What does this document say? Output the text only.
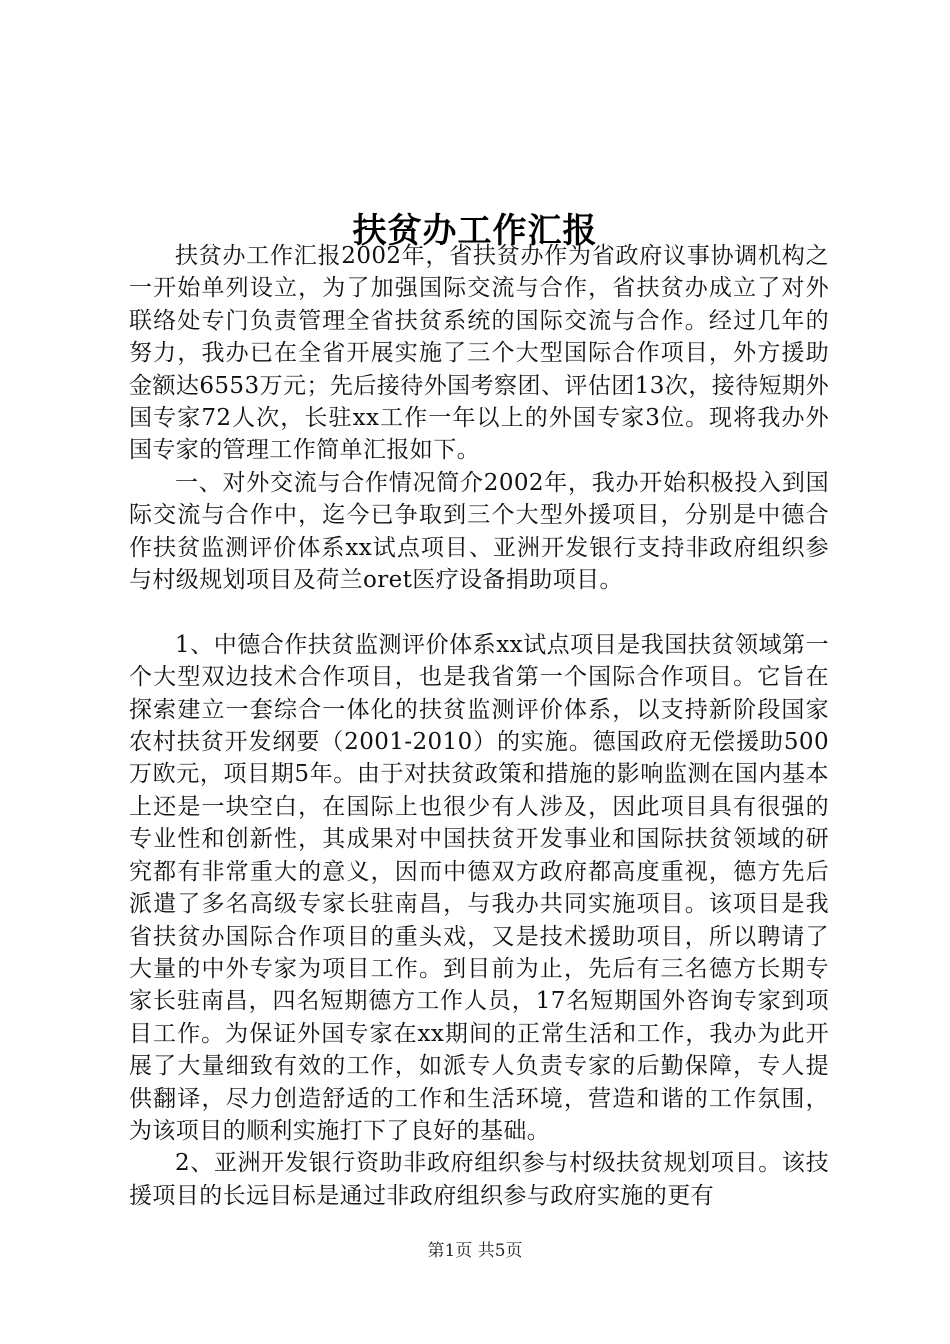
扶贫办工作汇报

扶贫办工作汇报2002年，省扶贫办作为省政府议事协调机构之一开始单列设立，为了加强国际交流与合作，省扶贫办成立了对外联络处专门负责管理全省扶贫系统的国际交流与合作。经过几年的努力，我办已在全省开展实施了三个大型国际合作项目，外方援助金额达6553万元；先后接待外国考察团、评估团13次，接待短期外国专家72人次，长驻xx工作一年以上的外国专家3位。现将我办外国专家的管理工作简单汇报如下。

一、对外交流与合作情况简介2002年，我办开始积极投入到国际交流与合作中，迄今已争取到三个大型外援项目，分别是中德合作扶贫监测评价体系xx试点项目、亚洲开发银行支持非政府组织参与村级规划项目及荷兰oret医疗设备捐助项目。

1、中德合作扶贫监测评价体系xx试点项目是我国扶贫领域第一个大型双边技术合作项目，也是我省第一个国际合作项目。它旨在探索建立一套综合一体化的扶贫监测评价体系，以支持新阶段国家农村扶贫开发纲要（2001-2010）的实施。德国政府无偿援助500万欧元，项目期5年。由于对扶贫政策和措施的影响监测在国内基本上还是一块空白，在国际上也很少有人涉及，因此项目具有很强的专业性和创新性，其成果对中国扶贫开发事业和国际扶贫领域的研究都有非常重大的意义，因而中德双方政府都高度重视，德方先后派遣了多名高级专家长驻南昌，与我办共同实施项目。该项目是我省扶贫办国际合作项目的重头戏，又是技术援助项目，所以聘请了大量的中外专家为项目工作。到目前为止，先后有三名德方长期专家长驻南昌，四名短期德方工作人员，17名短期国外咨询专家到项目工作。为保证外国专家在xx期间的正常生活和工作，我办为此开展了大量细致有效的工作，如派专人负责专家的后勤保障，专人提供翻译，尽力创造舒适的工作和生活环境，营造和谐的工作氛围，为该项目的顺利实施打下了良好的基础。

2、亚洲开发银行资助非政府组织参与村级扶贫规划项目。该技援项目的长远目标是通过非政府组织参与政府实施的更有

第1页 共5页
